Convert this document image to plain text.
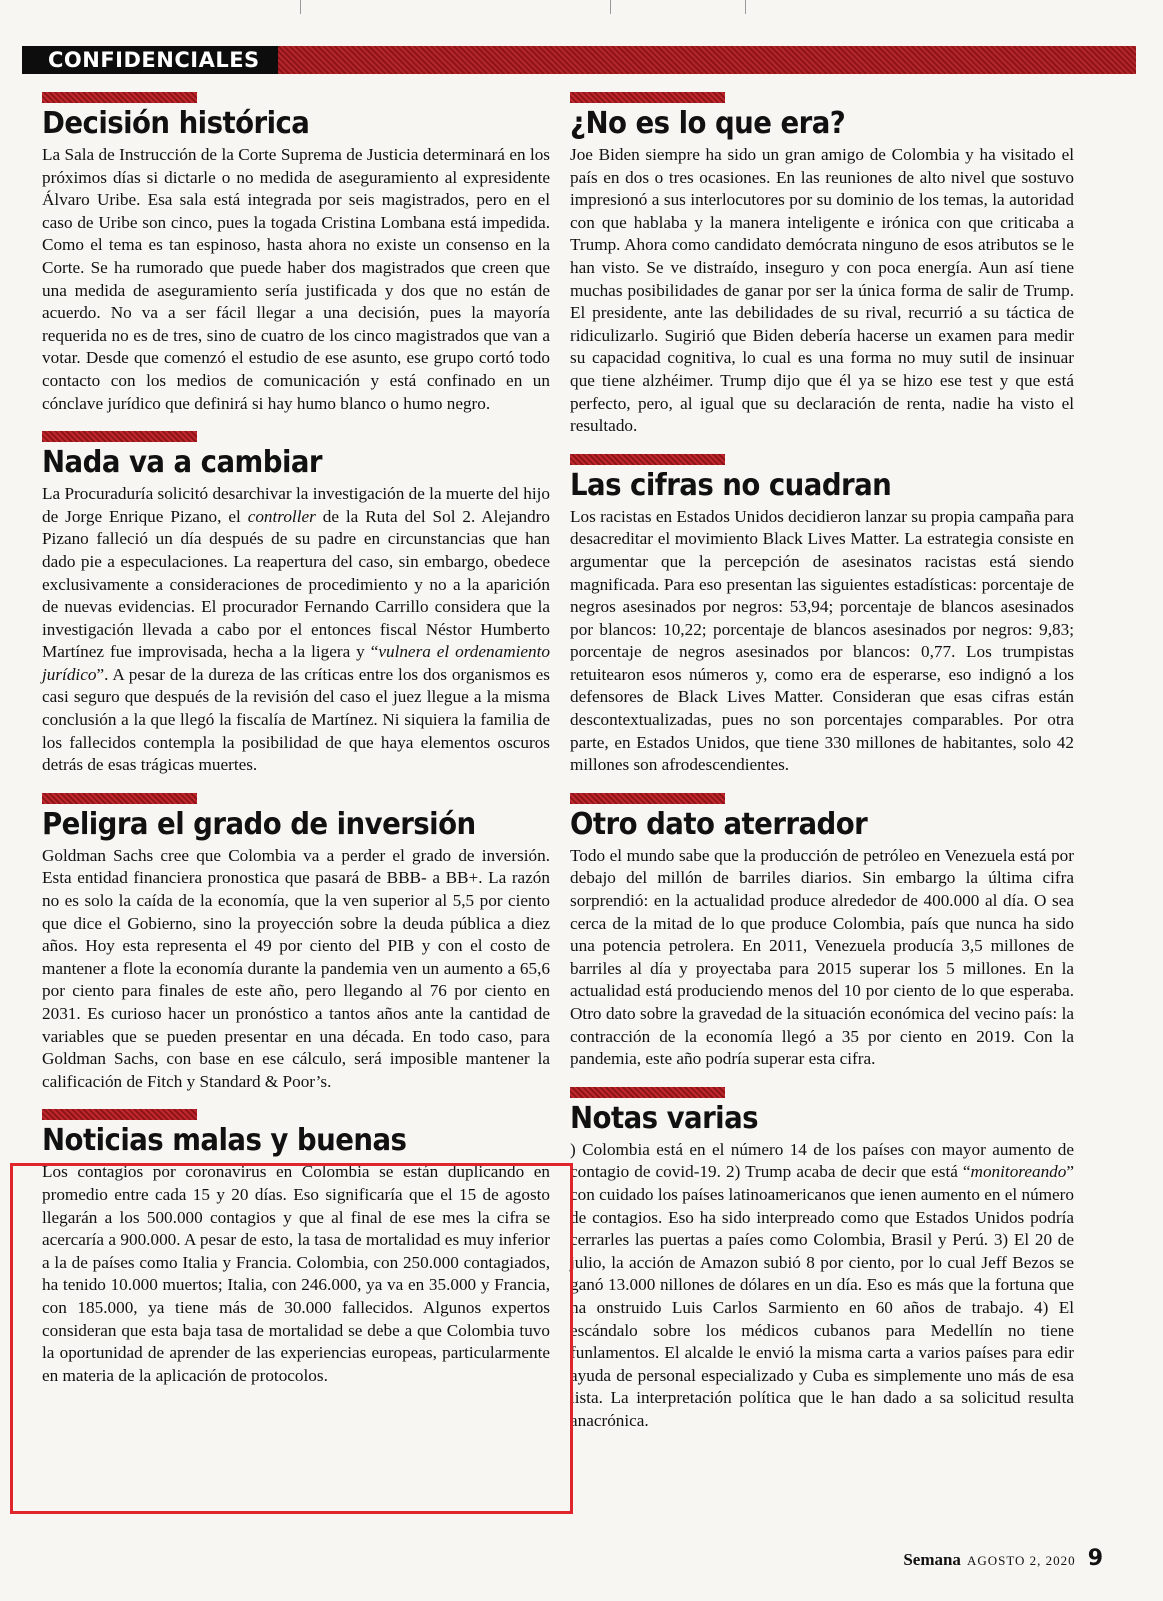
CONFIDENCIALES
Decisión histórica

La Sala de Instrucción de la Corte Suprema de Justicia determinará en los próximos días si dictarle o no medida de aseguramiento al expresidente Álvaro Uribe. Esa sala está integrada por seis magistrados, pero en el caso de Uribe son cinco, pues la togada Cristina Lombana está impedida. Como el tema es tan espinoso, hasta ahora no existe un consenso en la Corte. Se ha rumorado que puede haber dos magistrados que creen que una medida de aseguramiento sería justificada y dos que no están de acuerdo. No va a ser fácil llegar a una decisión, pues la mayoría requerida no es de tres, sino de cuatro de los cinco magistrados que van a votar. Desde que comenzó el estudio de ese asunto, ese grupo cortó todo contacto con los medios de comunicación y está confinado en un cónclave jurídico que definirá si hay humo blanco o humo negro.

Nada va a cambiar

La Procuraduría solicitó desarchivar la investigación de la muerte del hijo de Jorge Enrique Pizano, el controller de la Ruta del Sol 2. Alejandro Pizano falleció un día después de su padre en circunstancias que han dado pie a especulaciones. La reapertura del caso, sin embargo, obedece exclusivamente a consideraciones de procedimiento y no a la aparición de nuevas evidencias. El procurador Fernando Carrillo considera que la investigación llevada a cabo por el entonces fiscal Néstor Humberto Martínez fue improvisada, hecha a la ligera y “vulnera el ordenamiento jurídico”. A pesar de la dureza de las críticas entre los dos organismos es casi seguro que después de la revisión del caso el juez llegue a la misma conclusión a la que llegó la fiscalía de Martínez. Ni siquiera la familia de los fallecidos contempla la posibilidad de que haya elementos oscuros detrás de esas trágicas muertes.

Peligra el grado de inversión

Goldman Sachs cree que Colombia va a perder el grado de inversión. Esta entidad financiera pronostica que pasará de BBB- a BB+. La razón no es solo la caída de la economía, que la ven superior al 5,5 por ciento que dice el Gobierno, sino la proyección sobre la deuda pública a diez años. Hoy esta representa el 49 por ciento del PIB y con el costo de mantener a flote la economía durante la pandemia ven un aumento a 65,6 por ciento para finales de este año, pero llegando al 76 por ciento en 2031. Es curioso hacer un pronóstico a tantos años ante la cantidad de variables que se pueden presentar en una década. En todo caso, para Goldman Sachs, con base en ese cálculo, será imposible mantener la calificación de Fitch y Standard & Poor’s.

Noticias malas y buenas

Los contagios por coronavirus en Colombia se están duplicando en promedio entre cada 15 y 20 días. Eso significaría que el 15 de agosto llegarán a los 500.000 contagios y que al final de ese mes la cifra se acercaría a 900.000. A pesar de esto, la tasa de mortalidad es muy inferior a la de países como Italia y Francia. Colombia, con 250.000 contagiados, ha tenido 10.000 muertos; Italia, con 246.000, ya va en 35.000 y Francia, con 185.000, ya tiene más de 30.000 fallecidos. Algunos expertos consideran que esta baja tasa de mortalidad se debe a que Colombia tuvo la oportunidad de aprender de las experiencias europeas, particularmente en materia de la aplicación de protocolos.

¿No es lo que era?

Joe Biden siempre ha sido un gran amigo de Colombia y ha visitado el país en dos o tres ocasiones. En las reuniones de alto nivel que sostuvo impresionó a sus interlocutores por su dominio de los temas, la autoridad con que hablaba y la manera inteligente e irónica con que criticaba a Trump. Ahora como candidato demócrata ninguno de esos atributos se le han visto. Se ve distraído, inseguro y con poca energía. Aun así tiene muchas posibilidades de ganar por ser la única forma de salir de Trump. El presidente, ante las debilidades de su rival, recurrió a su táctica de ridiculizarlo. Sugirió que Biden debería hacerse un examen para medir su capacidad cognitiva, lo cual es una forma no muy sutil de insinuar que tiene alzhéimer. Trump dijo que él ya se hizo ese test y que está perfecto, pero, al igual que su declaración de renta, nadie ha visto el resultado.

Las cifras no cuadran

Los racistas en Estados Unidos decidieron lanzar su propia campaña para desacreditar el movimiento Black Lives Matter. La estrategia consiste en argumentar que la percepción de asesinatos racistas está siendo magnificada. Para eso presentan las siguientes estadísticas: porcentaje de negros asesinados por negros: 53,94; porcentaje de blancos asesinados por blancos: 10,22; porcentaje de blancos asesinados por negros: 9,83; porcentaje de negros asesinados por blancos: 0,77. Los trumpistas retuitearon esos números y, como era de esperarse, eso indignó a los defensores de Black Lives Matter. Consideran que esas cifras están descontextualizadas, pues no son porcentajes comparables. Por otra parte, en Estados Unidos, que tiene 330 millones de habitantes, solo 42 millones son afrodescendientes.

Otro dato aterrador

Todo el mundo sabe que la producción de petróleo en Venezuela está por debajo del millón de barriles diarios. Sin embargo la última cifra sorprendió: en la actualidad produce alrededor de 400.000 al día. O sea cerca de la mitad de lo que produce Colombia, país que nunca ha sido una potencia petrolera. En 2011, Venezuela producía 3,5 millones de barriles al día y proyectaba para 2015 superar los 5 millones. En la actualidad está produciendo menos del 10 por ciento de lo que esperaba. Otro dato sobre la gravedad de la situación económica del vecino país: la contracción de la economía llegó a 35 por ciento en 2019. Con la pandemia, este año podría superar esta cifra.

Notas varias

) Colombia está en el número 14 de los países con mayor aumento de contagio de covid-19. 2) Trump acaba de decir que está “monitoreando” con cuidado los países latinoamericanos que ienen aumento en el número de contagios. Eso ha sido interpreado como que Estados Unidos podría cerrarles las puertas a paíes como Colombia, Brasil y Perú. 3) El 20 de julio, la acción de Amazon subió 8 por ciento, por lo cual Jeff Bezos se ganó 13.000 nillones de dólares en un día. Eso es más que la fortuna que ha onstruido Luis Carlos Sarmiento en 60 años de trabajo. 4) El escándalo sobre los médicos cubanos para Medellín no tiene funlamentos. El alcalde le envió la misma carta a varios países para edir ayuda de personal especializado y Cuba es simplemente uno más de esa lista. La interpretación política que le han dado a sa solicitud resulta anacrónica.

Semana AGOSTO 2, 2020 9
